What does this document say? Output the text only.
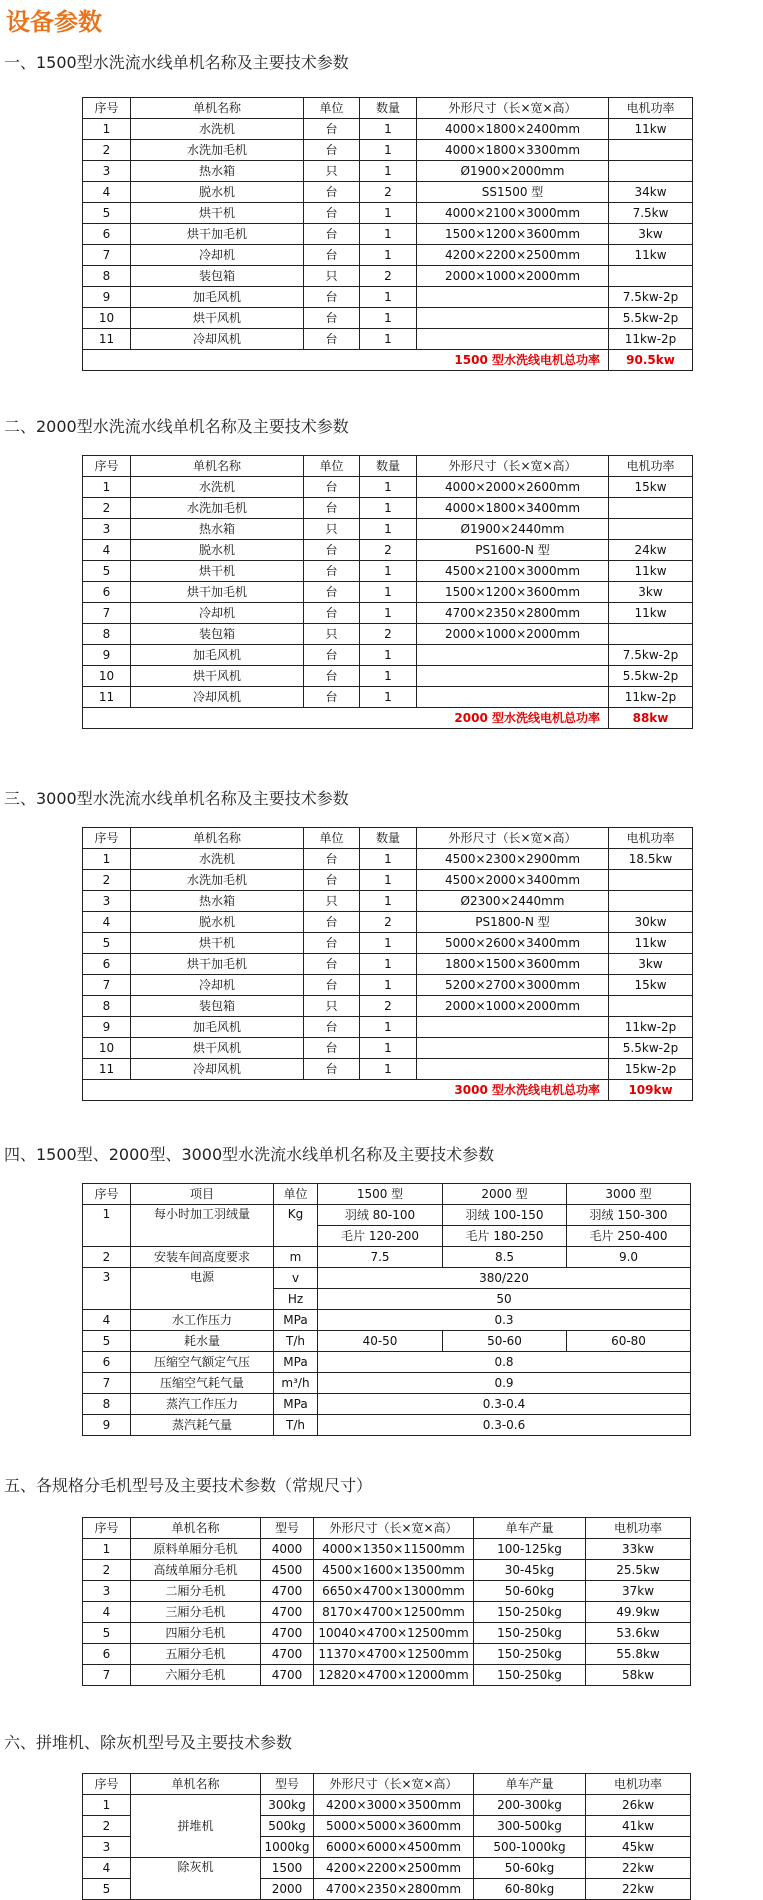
设备参数
一、1500型水洗流水线单机名称及主要技术参数
序号	单机名称	单位	数量	外形尺寸（长×宽×高）	电机功率
1	水洗机	台	1	4000×1800×2400mm	11kw
2	水洗加毛机	台	1	4000×1800×3300mm	
3	热水箱	只	1	Ø1900×2000mm	
4	脱水机	台	2	SS1500 型	34kw
5	烘干机	台	1	4000×2100×3000mm	7.5kw
6	烘干加毛机	台	1	1500×1200×3600mm	3kw
7	冷却机	台	1	4200×2200×2500mm	11kw
8	装包箱	只	2	2000×1000×2000mm	
9	加毛风机	台	1		7.5kw-2p
10	烘干风机	台	1		5.5kw-2p
11	冷却风机	台	1		11kw-2p
1500 型水洗线电机总功率					90.5kw
二、2000型水洗流水线单机名称及主要技术参数
序号	单机名称	单位	数量	外形尺寸（长×宽×高）	电机功率
1	水洗机	台	1	4000×2000×2600mm	15kw
2	水洗加毛机	台	1	4000×1800×3400mm	
3	热水箱	只	1	Ø1900×2440mm	
4	脱水机	台	2	PS1600-N 型	24kw
5	烘干机	台	1	4500×2100×3000mm	11kw
6	烘干加毛机	台	1	1500×1200×3600mm	3kw
7	冷却机	台	1	4700×2350×2800mm	11kw
8	装包箱	只	2	2000×1000×2000mm	
9	加毛风机	台	1		7.5kw-2p
10	烘干风机	台	1		5.5kw-2p
11	冷却风机	台	1		11kw-2p
2000 型水洗线电机总功率					88kw
三、3000型水洗流水线单机名称及主要技术参数
序号	单机名称	单位	数量	外形尺寸（长×宽×高）	电机功率
1	水洗机	台	1	4500×2300×2900mm	18.5kw
2	水洗加毛机	台	1	4500×2000×3400mm	
3	热水箱	只	1	Ø2300×2440mm	
4	脱水机	台	2	PS1800-N 型	30kw
5	烘干机	台	1	5000×2600×3400mm	11kw
6	烘干加毛机	台	1	1800×1500×3600mm	3kw
7	冷却机	台	1	5200×2700×3000mm	15kw
8	装包箱	只	2	2000×1000×2000mm	
9	加毛风机	台	1		11kw-2p
10	烘干风机	台	1		5.5kw-2p
11	冷却风机	台	1		15kw-2p
3000 型水洗线电机总功率					109kw
四、1500型、2000型、3000型水洗流水线单机名称及主要技术参数
序号	项目	单位	1500 型	2000 型	3000 型
1	每小时加工羽绒量	Kg	羽绒 80-100	羽绒 100-150	羽绒 150-300
			毛片 120-200	毛片 180-250	毛片 250-400
2	安装车间高度要求	m	7.5	8.5	9.0
3	电源	v	380/220		
		Hz	50		
4	水工作压力	MPa	0.3		
5	耗水量	T/h	40-50	50-60	60-80
6	压缩空气额定气压	MPa	0.8		
7	压缩空气耗气量	m³/h	0.9		
8	蒸汽工作压力	MPa	0.3-0.4		
9	蒸汽耗气量	T/h	0.3-0.6		
五、各规格分毛机型号及主要技术参数（常规尺寸）
序号	单机名称	型号	外形尺寸（长×宽×高）	单车产量	电机功率
1	原料单厢分毛机	4000	4000×1350×11500mm	100-125kg	33kw
2	高绒单厢分毛机	4500	4500×1600×13500mm	30-45kg	25.5kw
3	二厢分毛机	4700	6650×4700×13000mm	50-60kg	37kw
4	三厢分毛机	4700	8170×4700×12500mm	150-250kg	49.9kw
5	四厢分毛机	4700	10040×4700×12500mm	150-250kg	53.6kw
6	五厢分毛机	4700	11370×4700×12500mm	150-250kg	55.8kw
7	六厢分毛机	4700	12820×4700×12000mm	150-250kg	58kw
六、拼堆机、除灰机型号及主要技术参数
序号	单机名称	型号	外形尺寸（长×宽×高）	单车产量	电机功率
1	拼堆机	300kg	4200×3000×3500mm	200-300kg	26kw
2		500kg	5000×5000×3600mm	300-500kg	41kw
3		1000kg	6000×6000×4500mm	500-1000kg	45kw
4	除灰机	1500	4200×2200×2500mm	50-60kg	22kw
5		2000	4700×2350×2800mm	60-80kg	22kw
